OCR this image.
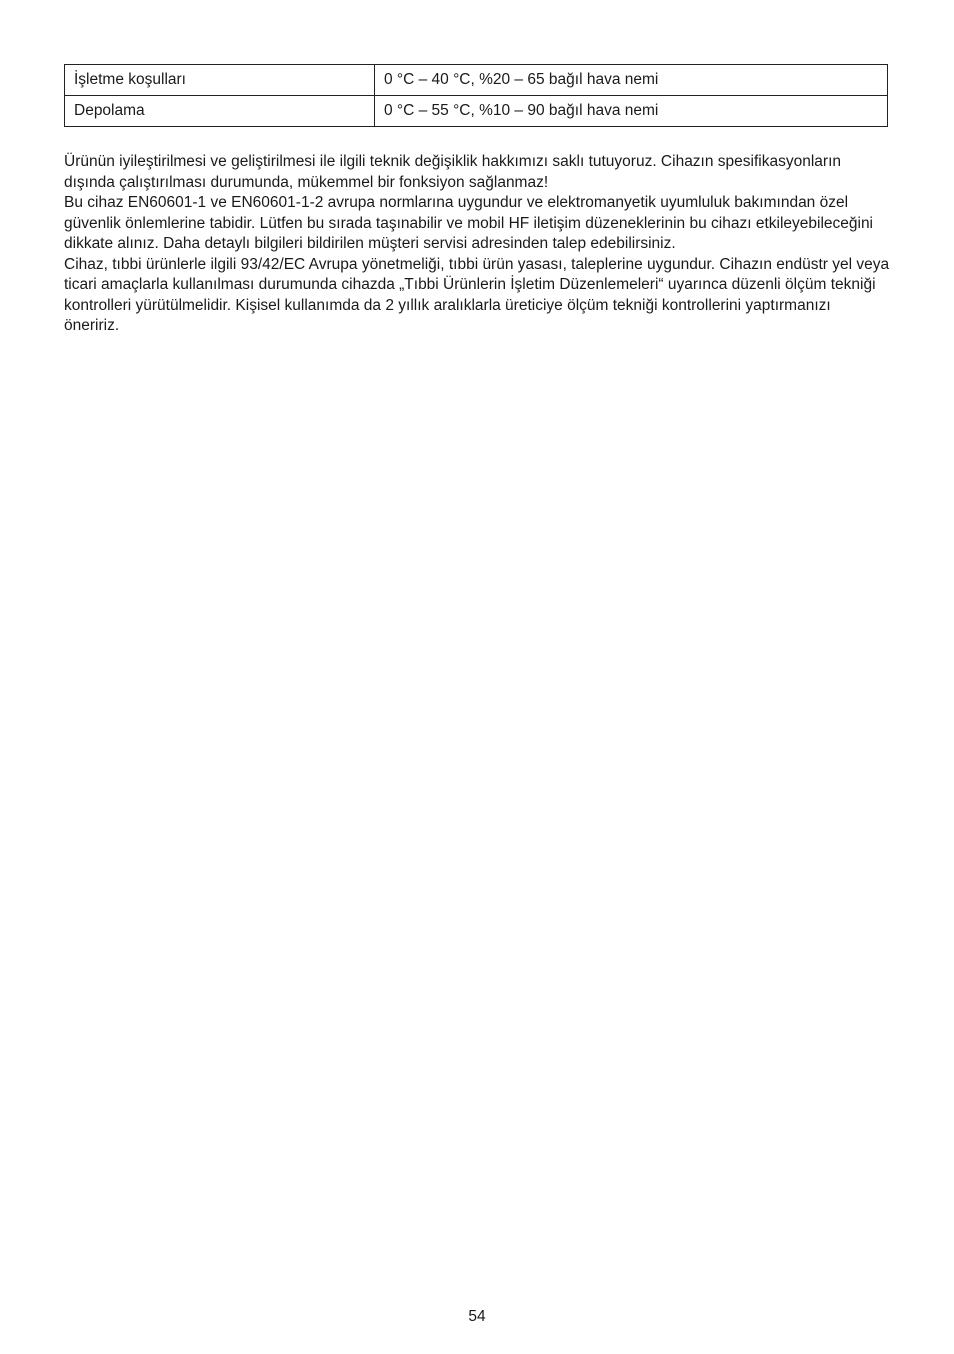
İşletme koşulları	0 °C – 40 °C, %20 – 65 bağıl hava nemi
Depolama	0 °C – 55 °C, %10 – 90 bağıl hava nemi

Ürünün iyileştirilmesi ve geliştirilmesi ile ilgili teknik değişiklik hakkımızı saklı tutuyoruz. Cihazın spesifikasyonların dışında çalıştırılması durumunda, mükemmel bir fonksiyon sağlanmaz!

Bu cihaz EN60601-1 ve EN60601-1-2 avrupa normlarına uygundur ve elektromanyetik uyumluluk bakımından özel güvenlik önlemlerine tabidir. Lütfen bu sırada taşınabilir ve mobil HF iletişim düzeneklerinin bu cihazı etkileyebileceğini dikkate alınız. Daha detaylı bilgileri bildirilen müşteri servisi adresinden talep edebilirsiniz.

Cihaz, tıbbi ürünlerle ilgili 93/42/EC Avrupa yönetmeliği, tıbbi ürün yasası, taleplerine uygundur. Cihazın endüstr yel veya ticari amaçlarla kullanılması durumunda cihazda „Tıbbi Ürünlerin İşletim Düzenlemeleri“ uyarınca düzenli ölçüm tekniği kontrolleri yürütülmelidir. Kişisel kullanımda da 2 yıllık aralıklarla üreticiye ölçüm tekniği kontrollerini yaptırmanızı öneririz.

54
